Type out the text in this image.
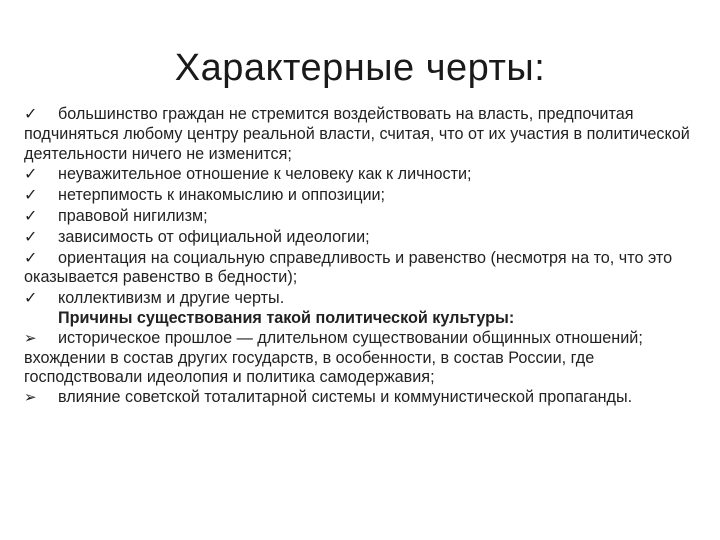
Характерные черты:

✓ большинство граждан не стремится воздействовать на власть, предпочитая подчиняться любому центру реальной власти, считая, что от их участия в политической деятельности ничего не изменится;

✓ неуважительное отношение к человеку как к личности;

✓ нетерпимость к инакомыслию и оппозиции;

✓ правовой нигилизм;

✓ зависимость от официальной идеологии;

✓ ориентация на социальную справедливость и равенство (несмотря на то, что это оказывается равенство в бедности);

✓ коллективизм и другие черты.

Причины существования такой политической культуры:

➢ историческое прошлое — длительном существовании общинных отношений; вхождении в состав других государств, в особенности, в состав России, где господствовали идеолопия и политика самодержавия;

➢ влияние советской тоталитарной системы и коммунистической пропаганды.
